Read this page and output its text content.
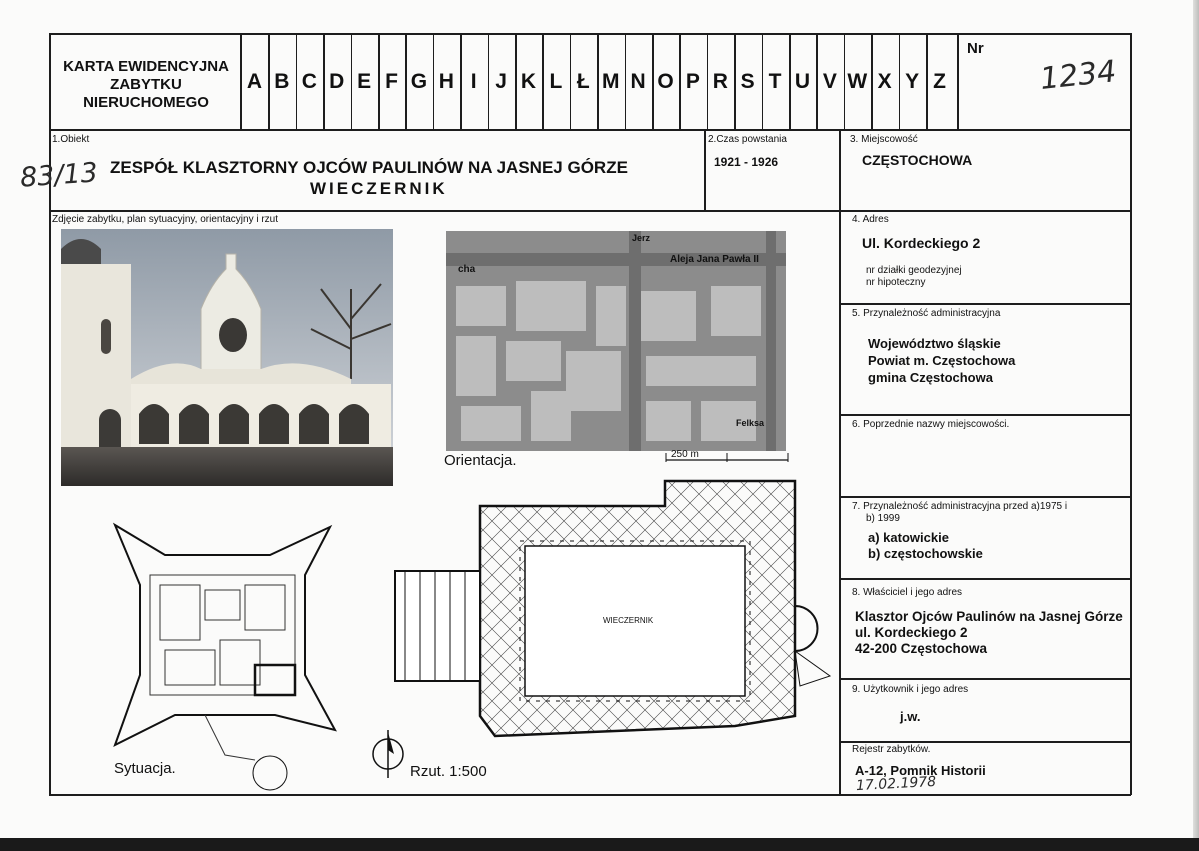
KARTA EWIDENCYJNA ZABYTKU NIERUCHOMEGO
A B C D E F G H I J K L Ł M N O P R S T U V W X Y Z
Nr
1234
1.Obiekt
83/13 ZESPÓŁ KLASZTORNY OJCÓW PAULINÓW NA JASNEJ GÓRZE
WIECZERNIK
2.Czas powstania
1921 - 1926
3. Miejscowość
CZĘSTOCHOWA
Zdjęcie zabytku, plan sytuacyjny, orientacyjny i rzut
Aleja Jana Pawła II
cha
Jerz
Felksa
Orientacja.	250 m
Sytuacja.	Rzut. 1:500
WIECZERNIK
4. Adres
Ul. Kordeckiego 2
nr działki geodezyjnej
nr hipoteczny
5. Przynależność administracyjna
Województwo śląskie
Powiat m. Częstochowa
gmina Częstochowa
6. Poprzednie nazwy miejscowości.
7. Przynależność administracyjna przed a)1975 i
b) 1999
a) katowickie
b) częstochowskie
8. Właściciel i jego adres
Klasztor Ojców Paulinów na Jasnej Górze
ul. Kordeckiego 2
42-200 Częstochowa
9. Użytkownik i jego adres
j.w.
Rejestr zabytków.
A-12, Pomnik Historii
17.02.1978
